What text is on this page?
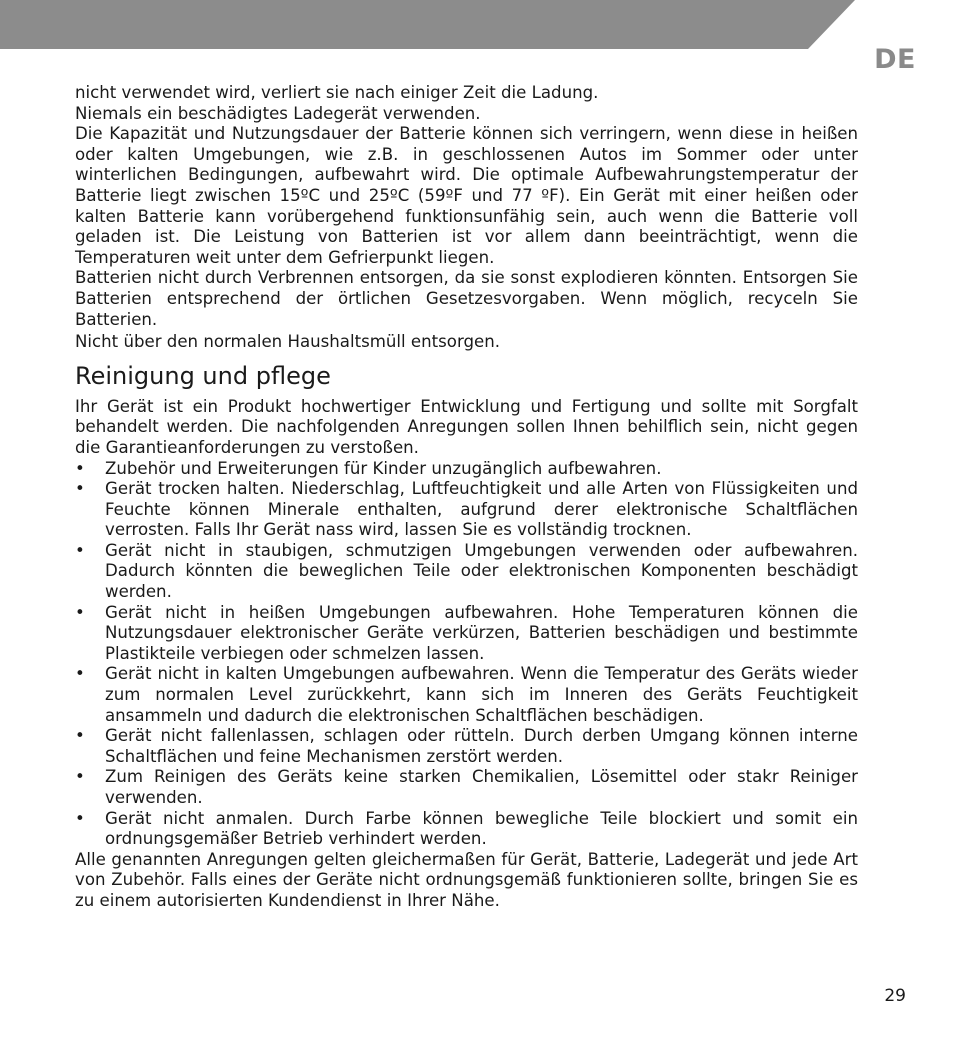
DE

nicht verwendet wird, verliert sie nach einiger Zeit die Ladung.

Niemals ein beschädigtes Ladegerät verwenden.

Die Kapazität und Nutzungsdauer der Batterie können sich verringern, wenn diese in heißen oder kalten Umgebungen, wie z.B. in geschlossenen Autos im Sommer oder unter winterlichen Bedingungen, aufbewahrt wird. Die optimale Aufbewahrungstemperatur der Batterie liegt zwischen 15ºC und 25ºC (59ºF und 77 ºF). Ein Gerät mit einer heißen oder kalten Batterie kann vorübergehend funktionsunfähig sein, auch wenn die Batterie voll geladen ist. Die Leistung von Batterien ist vor allem dann beeinträchtigt, wenn die Temperaturen weit unter dem Gefrierpunkt liegen.

Batterien nicht durch Verbrennen entsorgen, da sie sonst explodieren könnten. Entsorgen Sie Batterien entsprechend der örtlichen Gesetzesvorgaben. Wenn möglich, recyceln Sie Batterien.

Nicht über den normalen Haushaltsmüll entsorgen.

Reinigung und pflege

Ihr Gerät ist ein Produkt hochwertiger Entwicklung und Fertigung und sollte mit Sorgfalt behandelt werden. Die nachfolgenden Anregungen sollen Ihnen behilflich sein, nicht gegen die Garantieanforderungen zu verstoßen.

• Zubehör und Erweiterungen für Kinder unzugänglich aufbewahren.
• Gerät trocken halten. Niederschlag, Luftfeuchtigkeit und alle Arten von Flüssigkeiten und Feuchte können Minerale enthalten, aufgrund derer elektronische Schaltflächen verrosten. Falls Ihr Gerät nass wird, lassen Sie es vollständig trocknen.
• Gerät nicht in staubigen, schmutzigen Umgebungen verwenden oder aufbewahren. Dadurch könnten die beweglichen Teile oder elektronischen Komponenten beschädigt werden.
• Gerät nicht in heißen Umgebungen aufbewahren. Hohe Temperaturen können die Nutzungsdauer elektronischer Geräte verkürzen, Batterien beschädigen und bestimmte Plastikteile verbiegen oder schmelzen lassen.
• Gerät nicht in kalten Umgebungen aufbewahren. Wenn die Temperatur des Geräts wieder zum normalen Level zurückkehrt, kann sich im Inneren des Geräts Feuchtigkeit ansammeln und dadurch die elektronischen Schaltflächen beschädigen.
• Gerät nicht fallenlassen, schlagen oder rütteln. Durch derben Umgang können interne Schaltflächen und feine Mechanismen zerstört werden.
• Zum Reinigen des Geräts keine starken Chemikalien, Lösemittel oder stakr Reiniger verwenden.
• Gerät nicht anmalen. Durch Farbe können bewegliche Teile blockiert und somit ein ordnungsgemäßer Betrieb verhindert werden.

Alle genannten Anregungen gelten gleichermaßen für Gerät, Batterie, Ladegerät und jede Art von Zubehör. Falls eines der Geräte nicht ordnungsgemäß funktionieren sollte, bringen Sie es zu einem autorisierten Kundendienst in Ihrer Nähe.

29
